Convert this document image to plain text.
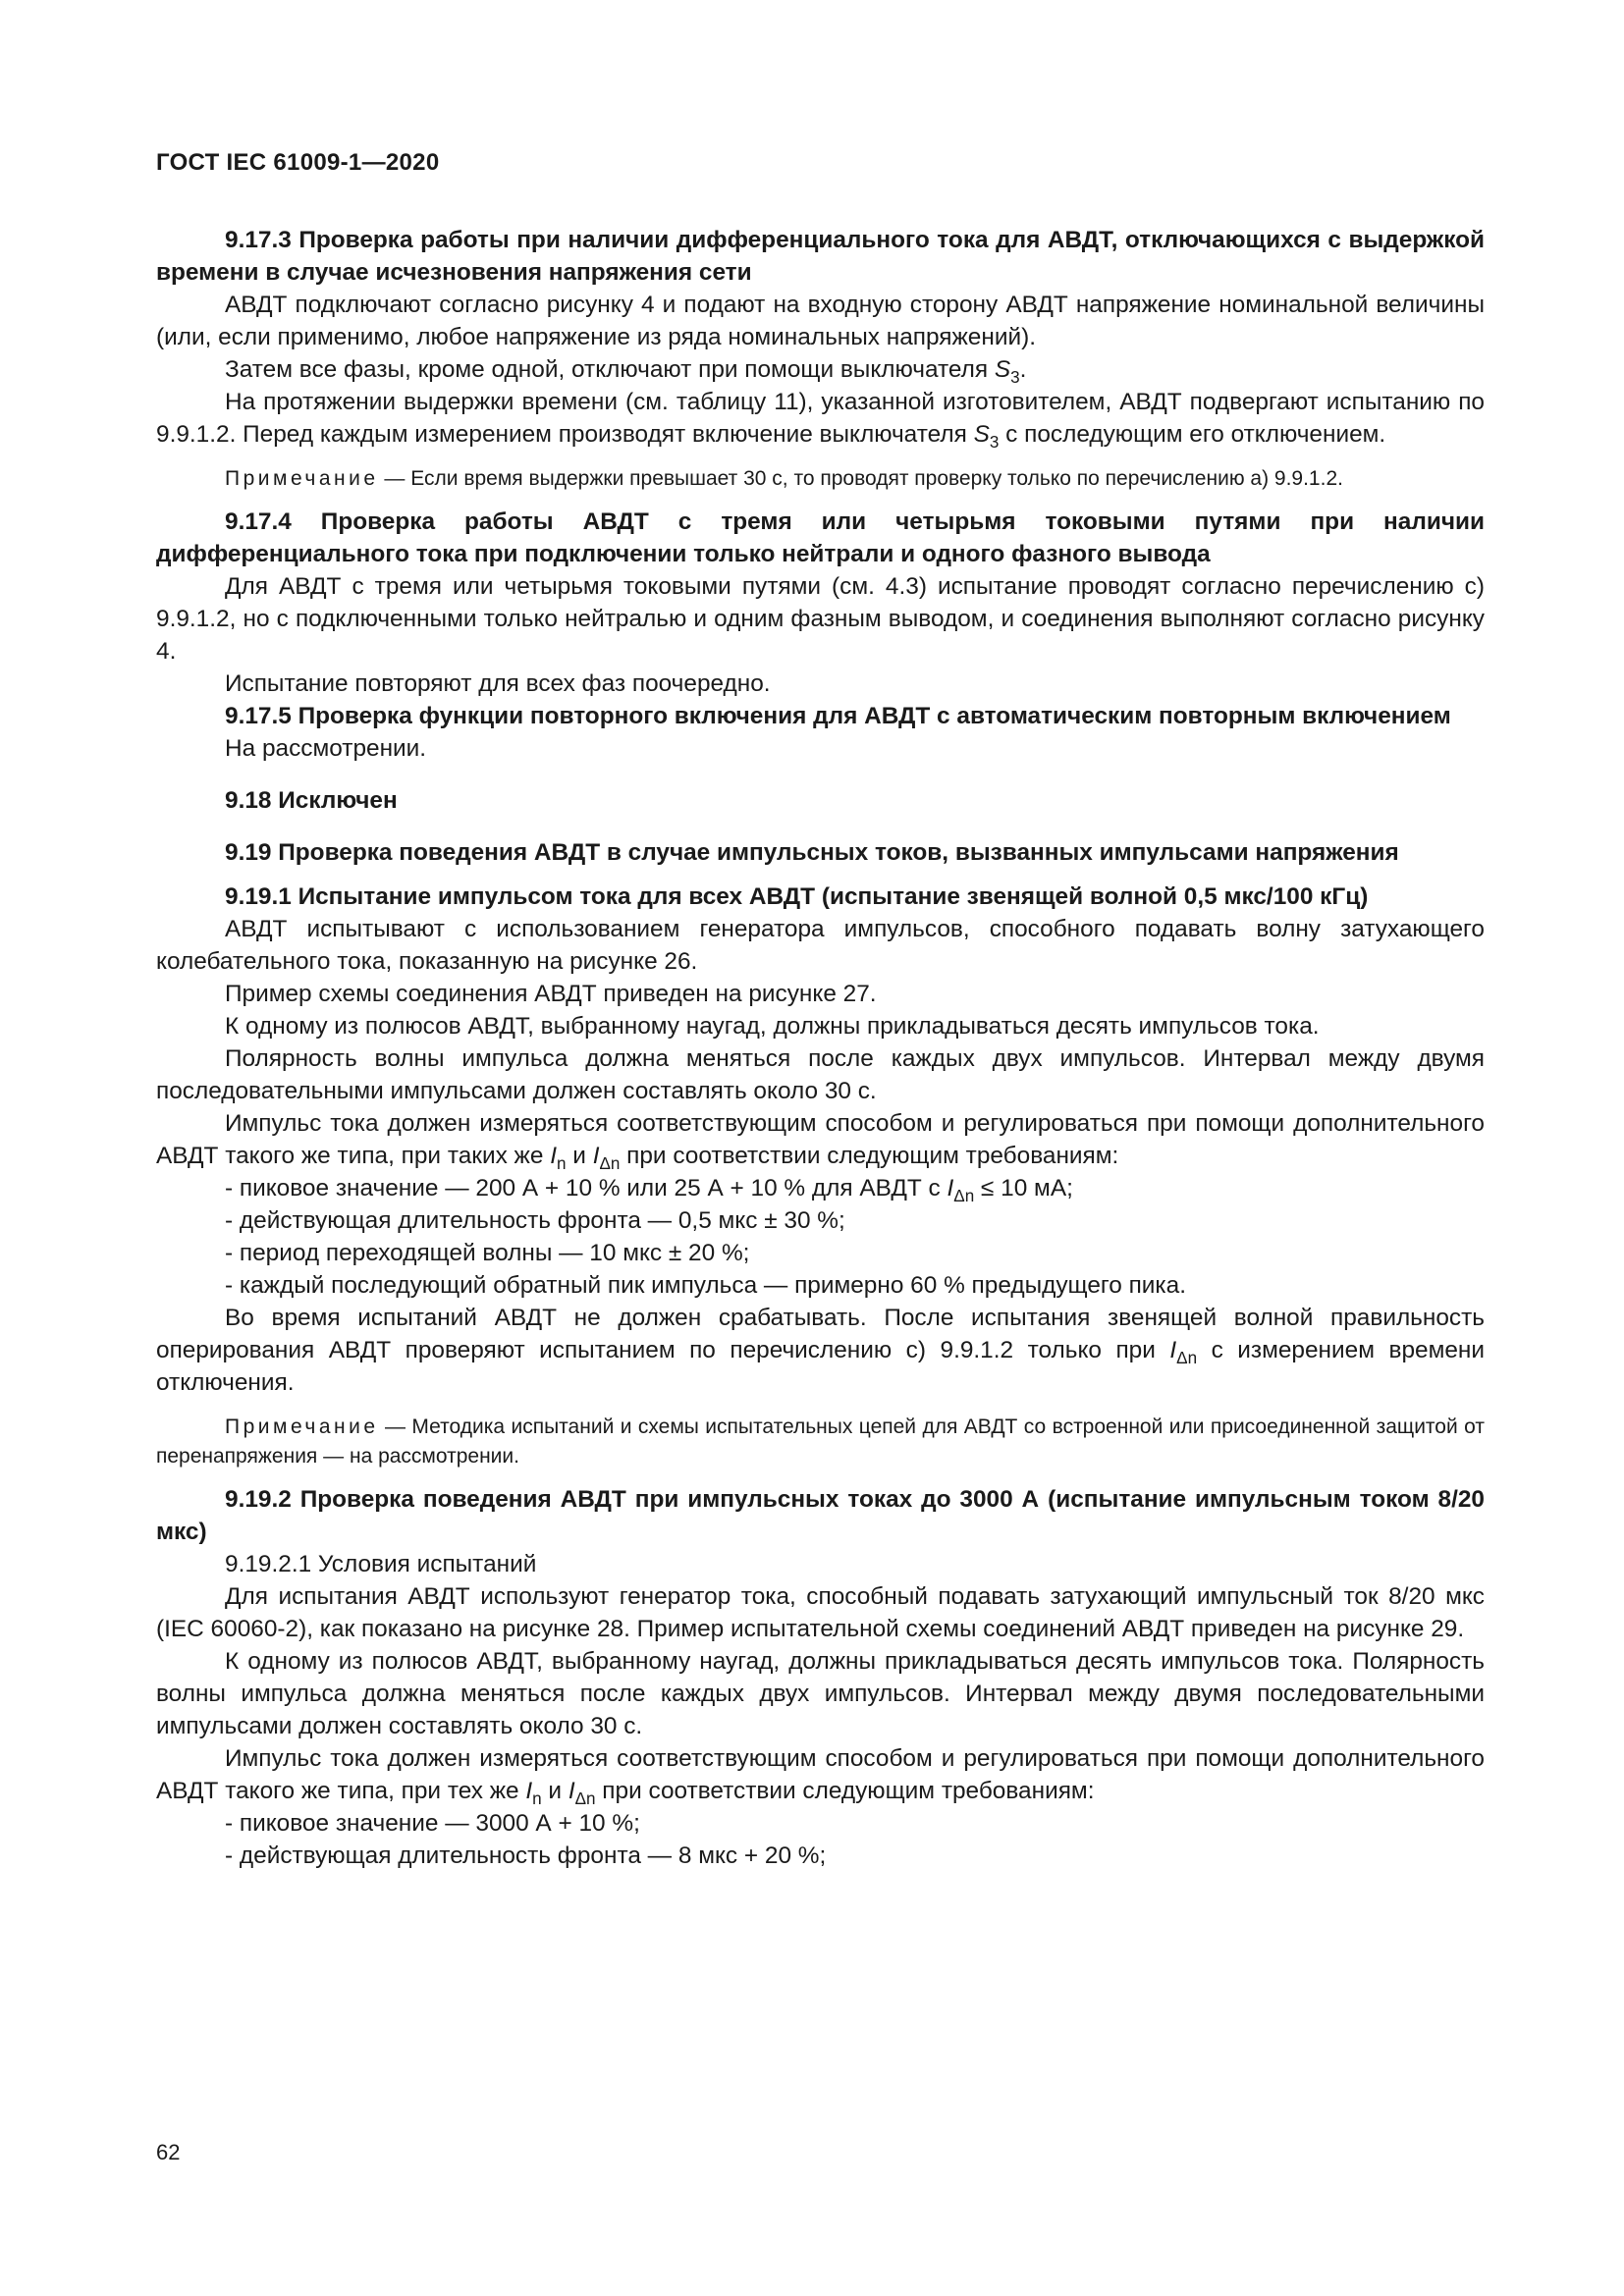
ГОСТ IEC 61009-1—2020

9.17.3 Проверка работы при наличии дифференциального тока для АВДТ, отключающихся с выдержкой времени в случае исчезновения напряжения сети

АВДТ подключают согласно рисунку 4 и подают на входную сторону АВДТ напряжение номинальной величины (или, если применимо, любое напряжение из ряда номинальных напряжений).

Затем все фазы, кроме одной, отключают при помощи выключателя $S_3$.

На протяжении выдержки времени (см. таблицу 11), указанной изготовителем, АВДТ подвергают испытанию по 9.9.1.2. Перед каждым измерением производят включение выключателя $S_3$ с последующим его отключением.

Примечание — Если время выдержки превышает 30 с, то проводят проверку только по перечислению а) 9.9.1.2.

9.17.4 Проверка работы АВДТ с тремя или четырьмя токовыми путями при наличии дифференциального тока при подключении только нейтрали и одного фазного вывода

Для АВДТ с тремя или четырьмя токовыми путями (см. 4.3) испытание проводят согласно перечислению с) 9.9.1.2, но с подключенными только нейтралью и одним фазным выводом, и соединения выполняют согласно рисунку 4.

Испытание повторяют для всех фаз поочередно.

9.17.5 Проверка функции повторного включения для АВДТ с автоматическим повторным включением

На рассмотрении.

9.18 Исключен

9.19 Проверка поведения АВДТ в случае импульсных токов, вызванных импульсами напряжения

9.19.1 Испытание импульсом тока для всех АВДТ (испытание звенящей волной 0,5 мкс/100 кГц)

АВДТ испытывают с использованием генератора импульсов, способного подавать волну затухающего колебательного тока, показанную на рисунке 26.

Пример схемы соединения АВДТ приведен на рисунке 27.

К одному из полюсов АВДТ, выбранному наугад, должны прикладываться десять импульсов тока.

Полярность волны импульса должна меняться после каждых двух импульсов. Интервал между двумя последовательными импульсами должен составлять около 30 с.

Импульс тока должен измеряться соответствующим способом и регулироваться при помощи дополнительного АВДТ такого же типа, при таких же $I_n$ и $I_{\Delta n}$ при соответствии следующим требованиям:

- пиковое значение — 200 А + 10 % или 25 А + 10 % для АВДТ с $I_{\Delta n} \le 10$ мА;

- действующая длительность фронта — 0,5 мкс ± 30 %;

- период переходящей волны — 10 мкс ± 20 %;

- каждый последующий обратный пик импульса — примерно 60 % предыдущего пика.

Во время испытаний АВДТ не должен срабатывать. После испытания звенящей волной правильность оперирования АВДТ проверяют испытанием по перечислению с) 9.9.1.2 только при $I_{\Delta n}$ с измерением времени отключения.

Примечание — Методика испытаний и схемы испытательных цепей для АВДТ со встроенной или присоединенной защитой от перенапряжения — на рассмотрении.

9.19.2 Проверка поведения АВДТ при импульсных токах до 3000 А (испытание импульсным током 8/20 мкс)

9.19.2.1 Условия испытаний

Для испытания АВДТ используют генератор тока, способный подавать затухающий импульсный ток 8/20 мкс (IEC 60060-2), как показано на рисунке 28. Пример испытательной схемы соединений АВДТ приведен на рисунке 29.

К одному из полюсов АВДТ, выбранному наугад, должны прикладываться десять импульсов тока. Полярность волны импульса должна меняться после каждых двух импульсов. Интервал между двумя последовательными импульсами должен составлять около 30 с.

Импульс тока должен измеряться соответствующим способом и регулироваться при помощи дополнительного АВДТ такого же типа, при тех же $I_n$ и $I_{\Delta n}$ при соответствии следующим требованиям:

- пиковое значение — 3000 А + 10 %;

- действующая длительность фронта — 8 мкс + 20 %;

62
